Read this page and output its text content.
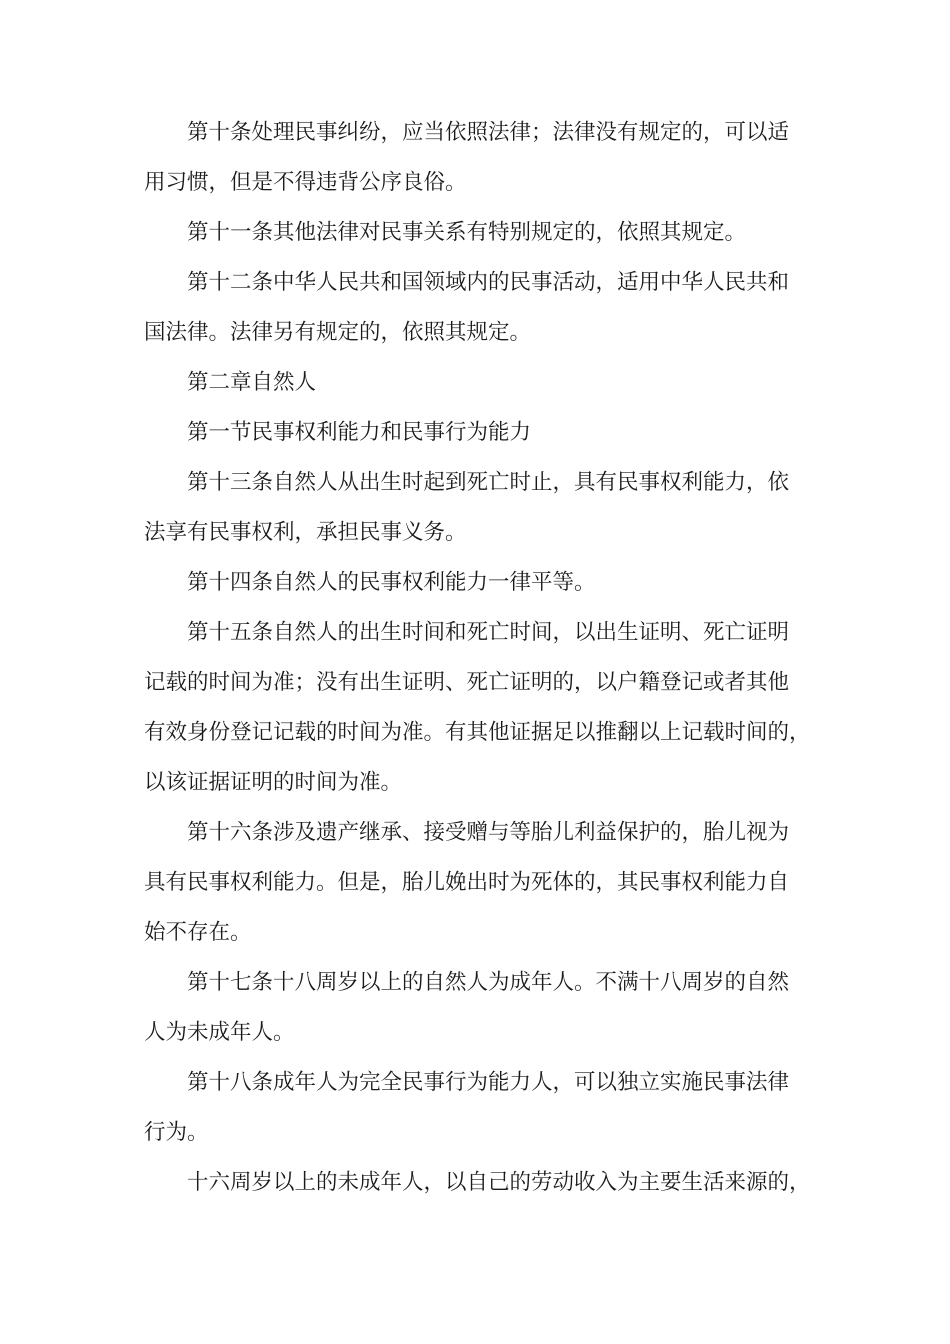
第十条处理民事纠纷，应当依照法律；法律没有规定的，可以适
用习惯，但是不得违背公序良俗。
第十一条其他法律对民事关系有特别规定的，依照其规定。
第十二条中华人民共和国领域内的民事活动，适用中华人民共和
国法律。法律另有规定的，依照其规定。
第二章自然人
第一节民事权利能力和民事行为能力
第十三条自然人从出生时起到死亡时止，具有民事权利能力，依
法享有民事权利，承担民事义务。
第十四条自然人的民事权利能力一律平等。
第十五条自然人的出生时间和死亡时间，以出生证明、死亡证明
记载的时间为准；没有出生证明、死亡证明的，以户籍登记或者其他
有效身份登记记载的时间为准。有其他证据足以推翻以上记载时间的，
以该证据证明的时间为准。
第十六条涉及遗产继承、接受赠与等胎儿利益保护的，胎儿视为
具有民事权利能力。但是，胎儿娩出时为死体的，其民事权利能力自
始不存在。
第十七条十八周岁以上的自然人为成年人。不满十八周岁的自然
人为未成年人。
第十八条成年人为完全民事行为能力人，可以独立实施民事法律
行为。
十六周岁以上的未成年人，以自己的劳动收入为主要生活来源的，
